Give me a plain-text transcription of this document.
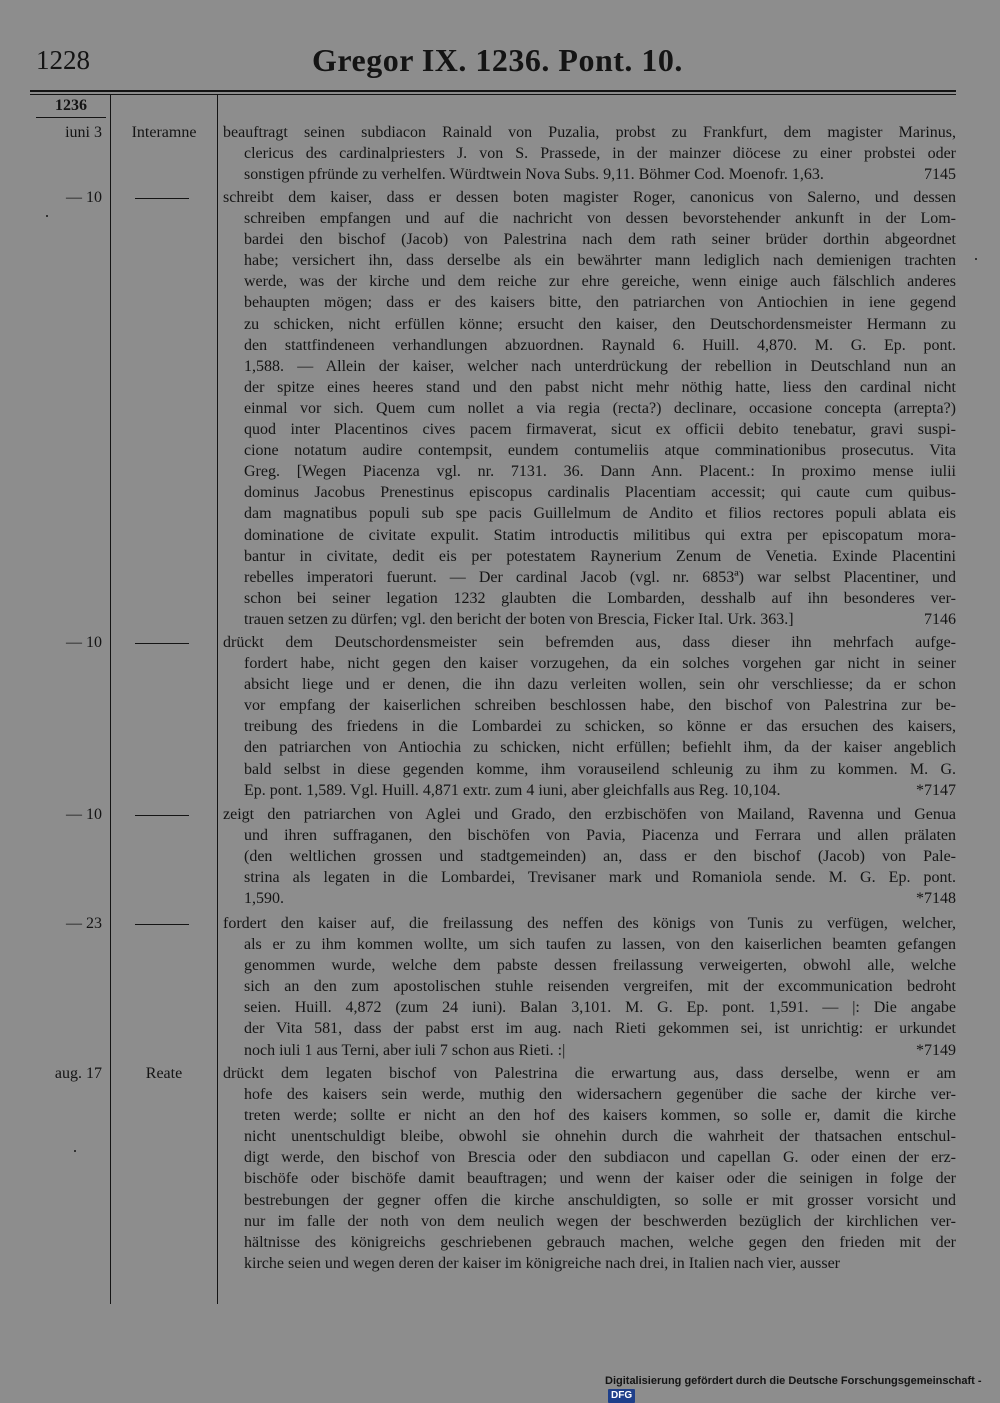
1228	Gregor IX. 1236. Pont. 10.
1236
iuni 3	Interamne	beauftragt seinen subdiacon Rainald von Puzalia, probst zu Frankfurt, dem magister Marinus,
clericus des cardinalpriesters J. von S. Prassede, in der mainzer diöcese zu einer probstei oder
sonstigen pfründe zu verhelfen. Würdtwein Nova Subs. 9,11. Böhmer Cod. Moenofr. 1,63.	7145
— 10	schreibt dem kaiser, dass er dessen boten magister Roger, canonicus von Salerno, und dessen
schreiben empfangen und auf die nachricht von dessen bevorstehender ankunft in der Lom-
bardei den bischof (Jacob) von Palestrina nach dem rath seiner brüder dorthin abgeordnet
habe; versichert ihn, dass derselbe als ein bewährter mann lediglich nach demienigen trachten
werde, was der kirche und dem reiche zur ehre gereiche, wenn einige auch fälschlich anderes
behaupten mögen; dass er des kaisers bitte, den patriarchen von Antiochien in iene gegend
zu schicken, nicht erfüllen könne; ersucht den kaiser, den Deutschordensmeister Hermann zu
den stattfindeneen verhandlungen abzuordnen. Raynald 6. Huill. 4,870. M. G. Ep. pont.
1,588. — Allein der kaiser, welcher nach unterdrückung der rebellion in Deutschland nun an
der spitze eines heeres stand und den pabst nicht mehr nöthig hatte, liess den cardinal nicht
einmal vor sich. Quem cum nollet a via regia (recta?) declinare, occasione concepta (arrepta?)
quod inter Placentinos cives pacem firmaverat, sicut ex officii debito tenebatur, gravi suspi-
cione notatum audire contempsit, eundem contumeliis atque comminationibus prosecutus. Vita
Greg. [Wegen Piacenza vgl. nr. 7131. 36. Dann Ann. Placent.: In proximo mense iulii
dominus Jacobus Prenestinus episcopus cardinalis Placentiam accessit; qui caute cum quibus-
dam magnatibus populi sub spe pacis Guillelmum de Andito et filios rectores populi ablata eis
dominatione de civitate expulit. Statim introductis militibus qui extra per episcopatum mora-
bantur in civitate, dedit eis per potestatem Raynerium Zenum de Venetia. Exinde Placentini
rebelles imperatori fuerunt. — Der cardinal Jacob (vgl. nr. 6853ª) war selbst Placentiner, und
schon bei seiner legation 1232 glaubten die Lombarden, desshalb auf ihn besonderes ver-
trauen setzen zu dürfen; vgl. den bericht der boten von Brescia, Ficker Ital. Urk. 363.]	7146
— 10	drückt dem Deutschordensmeister sein befremden aus, dass dieser ihn mehrfach aufge-
fordert habe, nicht gegen den kaiser vorzugehen, da ein solches vorgehen gar nicht in seiner
absicht liege und er denen, die ihn dazu verleiten wollen, sein ohr verschliesse; da er schon
vor empfang der kaiserlichen schreiben beschlossen habe, den bischof von Palestrina zur be-
treibung des friedens in die Lombardei zu schicken, so könne er das ersuchen des kaisers,
den patriarchen von Antiochia zu schicken, nicht erfüllen; befiehlt ihm, da der kaiser angeblich
bald selbst in diese gegenden komme, ihm vorauseilend schleunig zu ihm zu kommen. M. G.
Ep. pont. 1,589. Vgl. Huill. 4,871 extr. zum 4 iuni, aber gleichfalls aus Reg. 10,104.	*7147
— 10	zeigt den patriarchen von Aglei und Grado, den erzbischöfen von Mailand, Ravenna und Genua
und ihren suffraganen, den bischöfen von Pavia, Piacenza und Ferrara und allen prälaten
(den weltlichen grossen und stadtgemeinden) an, dass er den bischof (Jacob) von Pale-
strina als legaten in die Lombardei, Trevisaner mark und Romaniola sende. M. G. Ep. pont.
1,590.	*7148
— 23	fordert den kaiser auf, die freilassung des neffen des königs von Tunis zu verfügen, welcher,
als er zu ihm kommen wollte, um sich taufen zu lassen, von den kaiserlichen beamten gefangen
genommen wurde, welche dem pabste dessen freilassung verweigerten, obwohl alle, welche
sich an den zum apostolischen stuhle reisenden vergreifen, mit der excommunication bedroht
seien. Huill. 4,872 (zum 24 iuni). Balan 3,101. M. G. Ep. pont. 1,591. — |: Die angabe
der Vita 581, dass der pabst erst im aug. nach Rieti gekommen sei, ist unrichtig: er urkundet
noch iuli 1 aus Terni, aber iuli 7 schon aus Rieti. :|	*7149
aug. 17	Reate	drückt dem legaten bischof von Palestrina die erwartung aus, dass derselbe, wenn er am
hofe des kaisers sein werde, muthig den widersachern gegenüber die sache der kirche ver-
treten werde; sollte er nicht an den hof des kaisers kommen, so solle er, damit die kirche
nicht unentschuldigt bleibe, obwohl sie ohnehin durch die wahrheit der thatsachen entschul-
digt werde, den bischof von Brescia oder den subdiacon und capellan G. oder einen der erz-
bischöfe oder bischöfe damit beauftragen; und wenn der kaiser oder die seinigen in folge der
bestrebungen der gegner offen die kirche anschuldigten, so solle er mit grosser vorsicht und
nur im falle der noth von dem neulich wegen der beschwerden bezüglich der kirchlichen ver-
hältnisse des königreichs geschriebenen gebrauch machen, welche gegen den frieden mit der
kirche seien und wegen deren der kaiser im königreiche nach drei, in Italien nach vier, ausser
Digitalisierung gefördert durch die Deutsche Forschungsgemeinschaft -DFG
